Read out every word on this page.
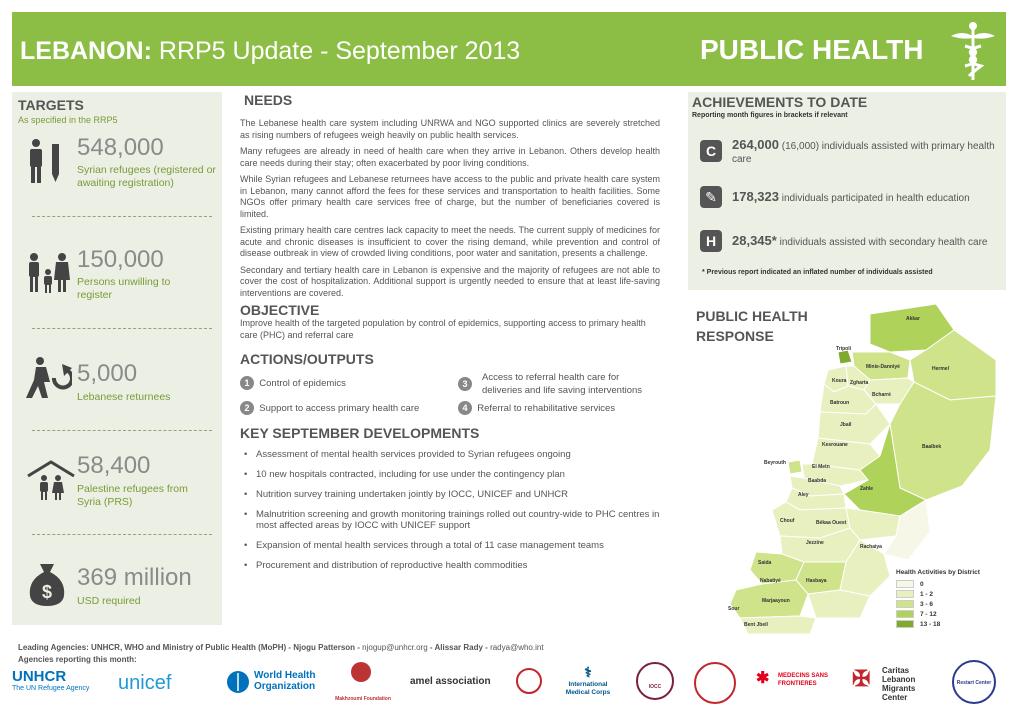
LEBANON: RRP5 Update - September 2013	PUBLIC HEALTH
TARGETS
As specified in the RRP5
548,000
Syrian refugees (registered or awaiting registration)
150,000
Persons unwilling to register
5,000
Lebanese returnees
58,400
Palestine refugees from Syria (PRS)
$
369 million
USD required
NEEDS

The Lebanese health care system including UNRWA and NGO supported clinics are severely stretched as rising numbers of refugees weigh heavily on public health services.

Many refugees are already in need of health care when they arrive in Lebanon. Others develop health care needs during their stay; often exacerbated by poor living conditions.

While Syrian refugees and Lebanese returnees have access to the public and private health care system in Lebanon, many cannot afford the fees for these services and transportation to health facilities. Some NGOs offer primary health care services free of charge, but the number of beneficiaries covered is limited.

Existing primary health care centres lack capacity to meet the needs. The current supply of medicines for acute and chronic diseases is insufficient to cover the rising demand, while prevention and control of disease outbreak in view of crowded living conditions, poor water and sanitation, presents a challenge.

Secondary and tertiary health care in Lebanon is expensive and the majority of refugees are not able to cover the cost of hospitalization. Additional support is urgently needed to ensure that at least life-saving interventions are covered.

OBJECTIVE

Improve health of the targeted population by control of epidemics, supporting access to primary health care (PHC) and referral care

ACTIONS/OUTPUTS
1 Control of epidemics
2 Support to access primary health care
3
Access to referral health care for deliveries and life saving interventions
4 Referral to rehabilitative services
KEY SEPTEMBER DEVELOPMENTS
• Assessment of mental health services provided to Syrian refugees ongoing
• 10 new hospitals contracted, including for use under the contingency plan
• Nutrition survey training undertaken jointly by IOCC, UNICEF and UNHCR
• Malnutrition screening and growth monitoring trainings rolled out country-wide to PHC centres in most affected areas by IOCC with UNICEF support
• Expansion of mental health services through a total of 11 case management teams
• Procurement and distribution of reproductive health commodities
ACHIEVEMENTS TO DATE
Reporting month figures in brackets if relevant
C	264,000 (16,000) individuals assisted with primary health care
✎	178,323 individuals participated in health education
H	28,345* individuals assisted with secondary health care
* Previous report indicated an inflated number of individuals assisted
PUBLIC HEALTH
RESPONSE
Akkar
Tripoli
Minie-Danniyé	Hermel
Zgharta
Koura
Bcharré
Batroun
Jbail
Baalbek
Kesrouane
Beyrouth
El Metn
Baabda
Zahle
Aley
Chouf	Békaa Ouest
Rachaiya
Jezzine
Saida
Nabatiyé	Hasbaya
Marjaayoun
Sour
Bent Jbeil
Health Activities by District
0
1 - 2
3 - 6
7 - 12
13 - 18
Leading Agencies: UNHCR, WHO and Ministry of Public Health (MoPH) - Njogu Patterson - njogup@unhcr.org - Alissar Rady - radya@who.int
Agencies reporting this month:
UNHCR
The UN Refugee Agency	unicef	World Health Organization
Makhzoumi Foundation
amel association
⚕
International Medical Corps
IOCC	✱	MEDECINS SANS FRONTIERES	✠ Caritas Lebanon Migrants Center
Restart Center
